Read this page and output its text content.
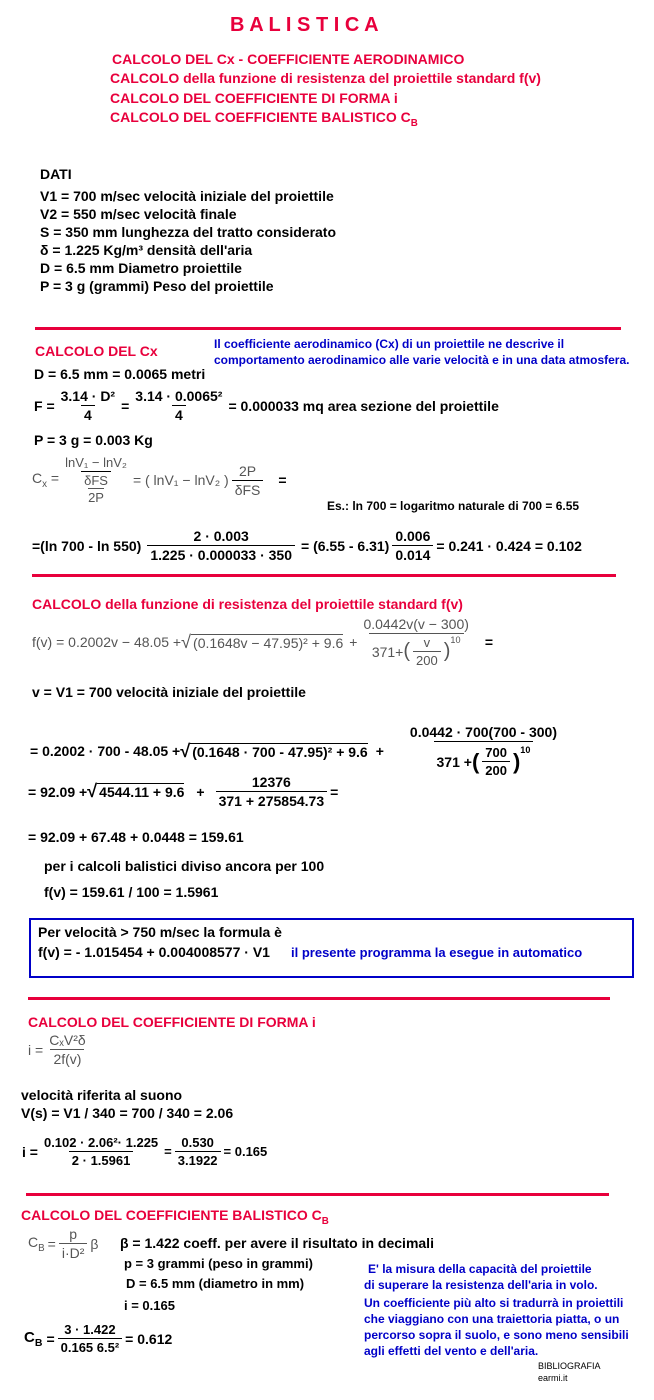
B A L I S T I C A
CALCOLO DEL Cx - COEFFICIENTE AERODINAMICO
CALCOLO della funzione di resistenza del proiettile standard f(v)
CALCOLO DEL COEFFICIENTE DI FORMA i
CALCOLO DEL COEFFICIENTE BALISTICO $C_B$
DATI
V1 = 700 m/sec velocità iniziale del proiettile
V2 = 550 m/sec velocità finale
S = 350 mm lunghezza del tratto considerato
δ = 1.225 Kg/m³ densità dell'aria
D = 6.5 mm Diametro proiettile
P = 3 g (grammi) Peso del proiettile
CALCOLO DEL Cx	Il coefficiente aerodinamico (Cx) di un proiettile ne descrive il comportamento aerodinamico alle varie velocità e in una data atmosfera.
D = 6.5 mm = 0.0065 metri
$F = \frac{\text{3.14 · D²}}{4} = \frac{\text{3.14 · 0.0065²}}{4} = 0.000033$ mq area sezione del proiettile
P = 3 g = 0.003 Kg
$C_x = \ln V_1 - \ln V_2$
δFS
2P = ( lnV₁ − lnV₂ ) $\frac{2P}{\text{δFS}}$ =
Es.: ln 700 = logaritmo naturale di 700 = 6.55
=(ln $700 - \ln 550) \frac{2 \cdot 0.003}{1.225 \cdot 0.000033 \cdot 350} = (6.55 - 6.31) \frac{0.006}{0.014} = 0.241 \cdot 0.424 = 0.102$
CALCOLO della funzione di resistenza del proiettile standard f(v)
f(v) = 0.2002v − 48.05 + √ $(0.1648v - 47.95)^2 + 9.6 + \frac{0.0442v(v - 300)}{371+ ( \frac{v}{200} )^{10}}$ =
v = V1 = 700 velocità iniziale del proiettile
= 0.2002 · 700 - 48.05 + √ $(0.1648 \cdot 700 - 47.95)^2 + 9.6 + \frac{0.0442 \cdot 700(700 - 300)}{371 + ( \frac{700}{200} )^{10}}$
= 92.09 + √ $4544.11 + 9.6 + \frac{12376}{371 + 275854.73}$ =
= 92.09 + 67.48 + 0.0448 = 159.61
per i calcoli balistici diviso ancora per 100
f(v) = 159.61 / 100 = 1.5961
Per velocità > 750 m/sec la formula è
f(v) = - 1.015454 + 0.004008577 · V1 il presente programma la esegue in automatico
CALCOLO DEL COEFFICIENTE DI FORMA i
$i = \frac{\text{CₓV²δ}}{2f(v)}$
velocità riferita al suono
V(s) = V1 / 340 = 700 / 340 = 2.06
$i = \frac{\text{0.102 · 2.06²· 1.225}}{2 \cdot 1.5961} = \frac{0.530}{3.1922} = 0.165$
CALCOLO DEL COEFFICIENTE BALISTICO $C_B$
$C_B = \frac{p}{\text{i·D²}}$ β β = 1.422 coeff. per avere il risultato in decimali
p = 3 grammi (peso in grammi)
D = 6.5 mm (diametro in mm)
i = 0.165
E' la misura della capacità del proiettile
di superare la resistenza dell'aria in volo.
Un coefficiente più alto si tradurrà in proiettili
che viaggiano con una traiettoria piatta, o un
percorso sopra il suolo, e sono meno sensibili
agli effetti del vento e dell'aria.
$C_B = \frac{3 \cdot 1.422}{\text{0.165 6.5²}} = 0.612$
BIBLIOGRAFIA
earmi.it
